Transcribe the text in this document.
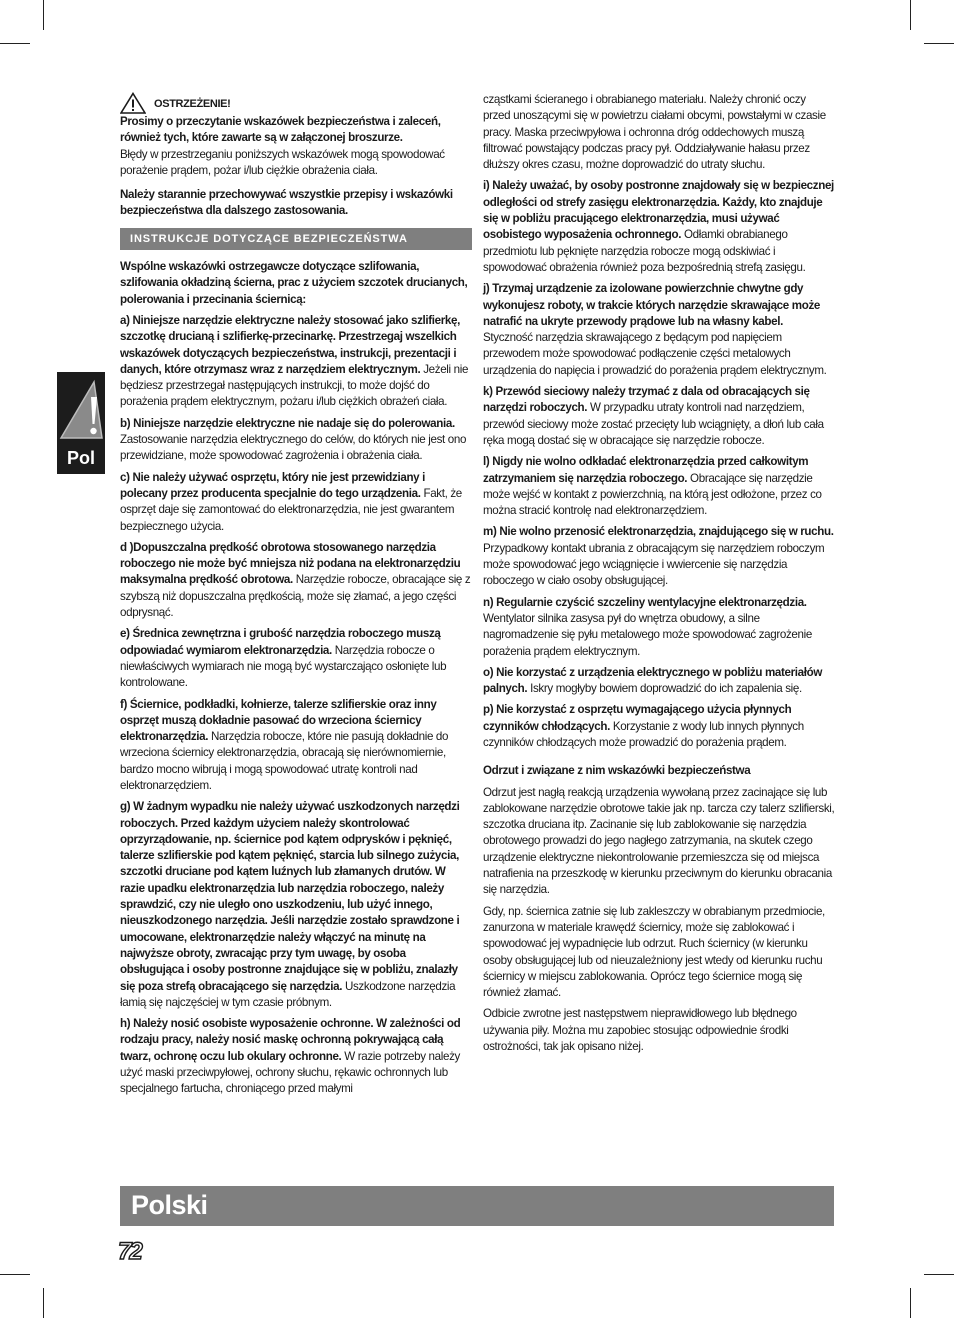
Pol
OSTRZEŻENIE!

Prosimy o przeczytanie wskazówek bezpieczeństwa i zaleceń, również tych, które zawarte są w załączonej broszurze.
Błędy w przestrzeganiu poniższych wskazówek mogą spowodować porażenie prądem, pożar i/lub ciężkie obrażenia ciała.

Należy starannie przechowywać wszystkie przepisy i wskazówki bezpieczeństwa dla dalszego zastosowania.

INSTRUKCJE DOTYCZĄCE BEZPIECZEŃSTWA

Wspólne wskazówki ostrzegawcze dotyczące szlifowania, szlifowania okładziną ścierna, prac z użyciem szczotek drucianych, polerowania i przecinania ściernicą:

a) Niniejsze narzędzie elektryczne należy stosować jako szlifierkę, szczotkę drucianą i szlifierkę-przecinarkę. Przestrzegaj wszelkich wskazówek dotyczących bezpieczeństwa, instrukcji, prezentacji i danych, które otrzymasz wraz z narzędziem elektrycznym. Jeżeli nie będziesz przestrzegał następujących instrukcji, to może dojść do porażenia prądem elektrycznym, pożaru i/lub ciężkich obrażeń ciała.

b) Niniejsze narzędzie elektryczne nie nadaje się do polerowania. Zastosowanie narzędzia elektrycznego do celów, do których nie jest ono przewidziane, może spowodować zagrożenia i obrażenia ciała.

c) Nie należy używać osprzętu, który nie jest przewidziany i polecany przez producenta specjalnie do tego urządzenia. Fakt, że osprzęt daje się zamontować do elektronarzędzia, nie jest gwarantem bezpiecznego użycia.

d )Dopuszczalna prędkość obrotowa stosowanego narzędzia roboczego nie może być mniejsza niż podana na elektronarzędziu maksymalna prędkość obrotowa. Narzędzie robocze, obracające się z szybszą niż dopuszczalna prędkością, może się złamać, a jego części odprysnąć.

e) Średnica zewnętrzna i grubość narzędzia roboczego muszą odpowiadać wymiarom elektronarzędzia. Narzędzia robocze o niewłaściwych wymiarach nie mogą być wystarczająco osłonięte lub kontrolowane.

f) Ściernice, podkładki, kołnierze, talerze szlifierskie oraz inny osprzęt muszą dokładnie pasować do wrzeciona ściernicy elektronarzędzia. Narzędzia robocze, które nie pasują dokładnie do wrzeciona ściernicy elektronarzędzia, obracają się nierównomiernie, bardzo mocno wibrują i mogą spowodować utratę kontroli nad elektronarzędziem.

g) W żadnym wypadku nie należy używać uszkodzonych narzędzi roboczych. Przed każdym użyciem należy skontrolować oprzyrządowanie, np. ściernice pod kątem odprysków i pęknięć, talerze szlifierskie pod kątem pęknięć, starcia lub silnego zużycia, szczotki druciane pod kątem luźnych lub złamanych drutów. W razie upadku elektronarzędzia lub narzędzia roboczego, należy sprawdzić, czy nie uległo ono uszkodzeniu, lub użyć innego, nieuszkodzonego narzędzia. Jeśli narzędzie zostało sprawdzone i umocowane, elektronarzędzie należy włączyć na minutę na najwyższe obroty, zwracając przy tym uwagę, by osoba obsługująca i osoby postronne znajdujące się w pobliżu, znalazły się poza strefą obracającego się narzędzia. Uszkodzone narzędzia łamią się najczęściej w tym czasie próbnym.

h) Należy nosić osobiste wyposażenie ochronne. W zależności od rodzaju pracy, należy nosić maskę ochronną pokrywającą całą twarz, ochronę oczu lub okulary ochronne. W razie potrzeby należy użyć maski przeciwpyłowej, ochrony słuchu, rękawic ochronnych lub specjalnego fartucha, chroniącego przed małymi

cząstkami ścieranego i obrabianego materiału. Należy chronić oczy przed unoszącymi się w powietrzu ciałami obcymi, powstałymi w czasie pracy. Maska przeciwpyłowa i ochronna dróg oddechowych muszą filtrować powstający podczas pracy pył. Oddziaływanie hałasu przez dłuższy okres czasu, możne doprowadzić do utraty słuchu.

i) Należy uważać, by osoby postronne znajdowały się w bezpiecznej odległości od strefy zasięgu elektronarzędzia. Każdy, kto znajduje się w pobliżu pracującego elektronarzędzia, musi używać osobistego wyposażenia ochronnego. Odłamki obrabianego przedmiotu lub pęknięte narzędzia robocze mogą odskiwiać i spowodować obrażenia również poza bezpośrednią strefą zasięgu.

j) Trzymaj urządzenie za izolowane powierzchnie chwytne gdy wykonujesz roboty, w trakcie których narzędzie skrawające może natrafić na ukryte przewody prądowe lub na własny kabel. Styczność narzędzia skrawającego z będącym pod napięciem przewodem może spowodować podłączenie części metalowych urządzenia do napięcia i prowadzić do porażenia prądem elektrycznym.

k) Przewód sieciowy należy trzymać z dala od obracających się narzędzi roboczych. W przypadku utraty kontroli nad narzędziem, przewód sieciowy może zostać przecięty lub wciągnięty, a dłoń lub cała ręka mogą dostać się w obracające się narzędzie robocze.

l) Nigdy nie wolno odkładać elektronarzędzia przed całkowitym zatrzymaniem się narzędzia roboczego. Obracające się narzędzie może wejść w kontakt z powierzchnią, na którą jest odłożone, przez co można stracić kontrolę nad elektronarzędziem.

m) Nie wolno przenosić elektronarzędzia, znajdującego się w ruchu. Przypadkowy kontakt ubrania z obracającym się narzędziem roboczym może spowodować jego wciągnięcie i wwiercenie się narzędzia roboczego w ciało osoby obsługującej.

n) Regularnie czyścić szczeliny wentylacyjne elektronarzędzia. Wentylator silnika zasysa pył do wnętrza obudowy, a silne nagromadzenie się pyłu metalowego może spowodować zagrożenie porażenia prądem elektrycznym.

o) Nie korzystać z urządzenia elektrycznego w pobliżu materiałów palnych. Iskry mogłyby bowiem doprowadzić do ich zapalenia się.

p) Nie korzystać z osprzętu wymagającego użycia płynnych czynników chłodzących. Korzystanie z wody lub innych płynnych czynników chłodzących może prowadzić do porażenia prądem.

Odrzut i związane z nim wskazówki bezpieczeństwa

Odrzut jest nagłą reakcją urządzenia wywołaną przez zacinające się lub zablokowane narzędzie obrotowe takie jak np. tarcza czy talerz szlifierski, szczotka druciana itp. Zacinanie się lub zablokowanie się narzędzia obrotowego prowadzi do jego nagłego zatrzymania, na skutek czego urządzenie elektryczne niekontrolowanie przemieszcza się od miejsca natrafienia na przeszkodę w kierunku przeciwnym do kierunku obracania się narzędzia.

Gdy, np. ściernica zatnie się lub zakleszczy w obrabianym przedmiocie, zanurzona w materiale krawędź ściernicy, może się zablokować i spowodować jej wypadnięcie lub odrzut. Ruch ściernicy (w kierunku osoby obsługującej lub od nieuzależniony jest wtedy od kierunku ruchu ściernicy w miejscu zablokowania. Oprócz tego ściernice mogą się również złamać.

Odbicie zwrotne jest następstwem nieprawidłowego lub błędnego używania piły. Można mu zapobiec stosując odpowiednie środki ostrożności, tak jak opisano niżej.

Polski
72
